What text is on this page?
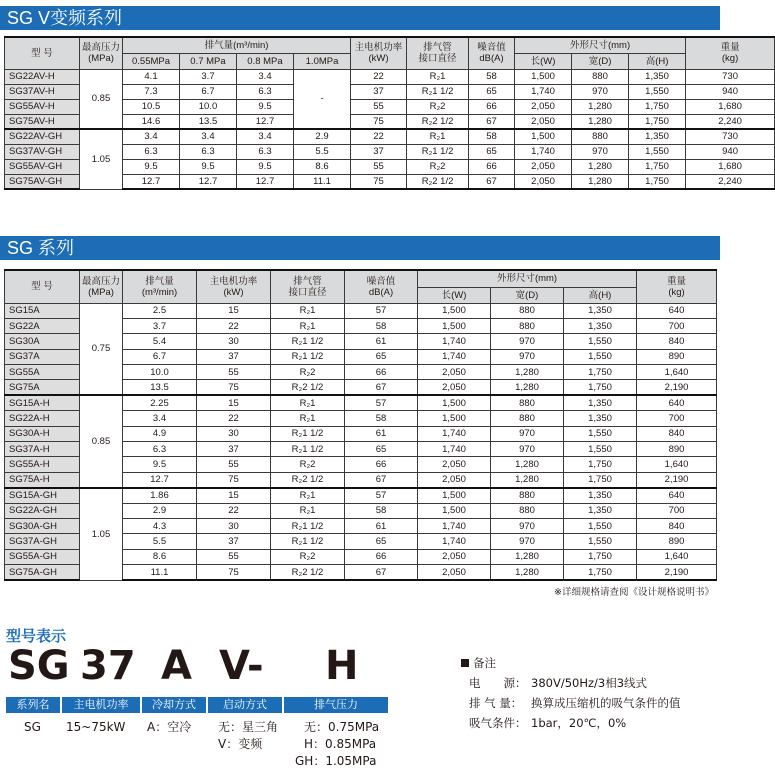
SG V变频系列
型 号	最高压力
(MPa)	排气量(m³/min)				主电机功率
(kW)	排气管
接口直径	噪音值
dB(A)	外形尺寸(mm)			重量
(kg)
		0.55MPa	0.7 MPa	0.8 MPa	1.0MPa				长(W)	宽(D)	高(H)	
SG22AV-H	0.85	4.1	3.7	3.4	-	22	R₂1	58	1,500	880	1,350	730
SG37AV-H		7.3	6.7	6.3		37	R₂1 1/2	65	1,740	970	1,550	940
SG55AV-H		10.5	10.0	9.5		55	R₂2	66	2,050	1,280	1,750	1,680
SG75AV-H		14.6	13.5	12.7		75	R₂2 1/2	67	2,050	1,280	1,750	2,240
SG22AV-GH	1.05	3.4	3.4	3.4	2.9	22	R₂1	58	1,500	880	1,350	730
SG37AV-GH		6.3	6.3	6.3	5.5	37	R₂1 1/2	65	1,740	970	1,550	940
SG55AV-GH		9.5	9.5	9.5	8.6	55	R₂2	66	2,050	1,280	1,750	1,680
SG75AV-GH		12.7	12.7	12.7	11.1	75	R₂2 1/2	67	2,050	1,280	1,750	2,240
SG 系列
型 号	最高压力
(MPa)	排气量
(m³/min)	主电机功率
(kW)	排气管
接口直径	噪音值
dB(A)	外形尺寸(mm)			重量
(kg)
						长(W)	宽(D)	高(H)	
SG15A	0.75	2.5	15	R₂1	57	1,500	880	1,350	640
SG22A		3.7	22	R₂1	58	1,500	880	1,350	700
SG30A		5.4	30	R₂1 1/2	61	1,740	970	1,550	840
SG37A		6.7	37	R₂1 1/2	65	1,740	970	1,550	890
SG55A		10.0	55	R₂2	66	2,050	1,280	1,750	1,640
SG75A		13.5	75	R₂2 1/2	67	2,050	1,280	1,750	2,190
SG15A-H	0.85	2.25	15	R₂1	57	1,500	880	1,350	640
SG22A-H		3.4	22	R₂1	58	1,500	880	1,350	700
SG30A-H		4.9	30	R₂1 1/2	61	1,740	970	1,550	840
SG37A-H		6.3	37	R₂1 1/2	65	1,740	970	1,550	890
SG55A-H		9.5	55	R₂2	66	2,050	1,280	1,750	1,640
SG75A-H		12.7	75	R₂2 1/2	67	2,050	1,280	1,750	2,190
SG15A-GH	1.05	1.86	15	R₂1	57	1,500	880	1,350	640
SG22A-GH		2.9	22	R₂1	58	1,500	880	1,350	700
SG30A-GH		4.3	30	R₂1 1/2	61	1,740	970	1,550	840
SG37A-GH		5.5	37	R₂1 1/2	65	1,740	970	1,550	890
SG55A-GH		8.6	55	R₂2	66	2,050	1,280	1,750	1,640
SG75A-GH		11.1	75	R₂2 1/2	67	2,050	1,280	1,750	2,190
※详细规格请查阅《设计规格说明书》
型号表示
SG 37 A V- H
系列名	主电机功率	冷却方式	启动方式	排气压力
SG 15~75kW A：空冷 无：星三角
V：变频
无：0.75MPa
H：0.85MPa
GH：1.05MPa
备注
电　　源： 380V/50Hz/3相3线式
排 气 量： 换算成压缩机的吸气条件的值
吸气条件： 1bar，20℃，0%
